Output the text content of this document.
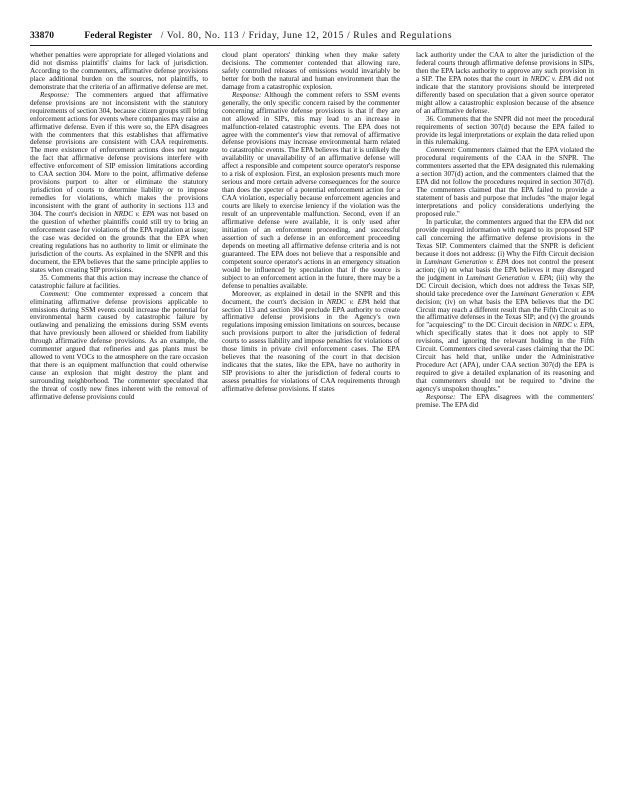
33870	Federal Register / Vol. 80, No. 113 / Friday, June 12, 2015 / Rules and Regulations

whether penalties were appropriate for alleged violations and did not dismiss plaintiffs' claims for lack of jurisdiction. According to the commenters, affirmative defense provisions place additional burden on the sources, not plaintiffs, to demonstrate that the criteria of an affirmative defense are met.

Response: The commenters argued that affirmative defense provisions are not inconsistent with the statutory requirements of section 304, because citizen groups still bring enforcement actions for events where companies may raise an affirmative defense. Even if this were so, the EPA disagrees with the commenters that this establishes that affirmative defense provisions are consistent with CAA requirements. The mere existence of enforcement actions does not negate the fact that affirmative defense provisions interfere with effective enforcement of SIP emission limitations according to CAA section 304. More to the point, affirmative defense provisions purport to alter or eliminate the statutory jurisdiction of courts to determine liability or to impose remedies for violations, which makes the provisions inconsistent with the grant of authority in sections 113 and 304. The court's decision in NRDC v. EPA was not based on the question of whether plaintiffs could still try to bring an enforcement case for violations of the EPA regulation at issue; the case was decided on the grounds that the EPA when creating regulations has no authority to limit or eliminate the jurisdiction of the courts. As explained in the SNPR and this document, the EPA believes that the same principle applies to states when creating SIP provisions.

35. Comments that this action may increase the chance of catastrophic failure at facilities.

Comment: One commenter expressed a concern that eliminating affirmative defense provisions applicable to emissions during SSM events could increase the potential for environmental harm caused by catastrophic failure by outlawing and penalizing the emissions during SSM events that have previously been allowed or shielded from liability through affirmative defense provisions. As an example, the commenter argued that refineries and gas plants must be allowed to vent VOCs to the atmosphere on the rare occasion that there is an equipment malfunction that could otherwise cause an explosion that might destroy the plant and surrounding neighborhood. The commenter speculated that the threat of costly new fines inherent with the removal of affirmative defense provisions could

cloud plant operators' thinking when they make safety decisions. The commenter contended that allowing rare, safely controlled releases of emissions would invariably be better for both the natural and human environment than the damage from a catastrophic explosion.

Response: Although the comment refers to SSM events generally, the only specific concern raised by the commenter concerning affirmative defense provisions is that if they are not allowed in SIPs, this may lead to an increase in malfunction-related catastrophic events. The EPA does not agree with the commenter's view that removal of affirmative defense provisions may increase environmental harm related to catastrophic events. The EPA believes that it is unlikely the availability or unavailability of an affirmative defense will affect a responsible and competent source operator's response to a risk of explosion. First, an explosion presents much more serious and more certain adverse consequences for the source than does the specter of a potential enforcement action for a CAA violation, especially because enforcement agencies and courts are likely to exercise leniency if the violation was the result of an unpreventable malfunction. Second, even if an affirmative defense were available, it is only used after initiation of an enforcement proceeding, and successful assertion of such a defense in an enforcement proceeding depends on meeting all affirmative defense criteria and is not guaranteed. The EPA does not believe that a responsible and competent source operator's actions in an emergency situation would be influenced by speculation that if the source is subject to an enforcement action in the future, there may be a defense to penalties available.

Moreover, as explained in detail in the SNPR and this document, the court's decision in NRDC v. EPA held that section 113 and section 304 preclude EPA authority to create affirmative defense provisions in the Agency's own regulations imposing emission limitations on sources, because such provisions purport to alter the jurisdiction of federal courts to assess liability and impose penalties for violations of those limits in private civil enforcement cases. The EPA believes that the reasoning of the court in that decision indicates that the states, like the EPA, have no authority in SIP provisions to alter the jurisdiction of federal courts to assess penalties for violations of CAA requirements through affirmative defense provisions. If states

lack authority under the CAA to alter the jurisdiction of the federal courts through affirmative defense provisions in SIPs, then the EPA lacks authority to approve any such provision in a SIP. The EPA notes that the court in NRDC v. EPA did not indicate that the statutory provisions should be interpreted differently based on speculation that a given source operator might allow a catastrophic explosion because of the absence of an affirmative defense.

36. Comments that the SNPR did not meet the procedural requirements of section 307(d) because the EPA failed to provide its legal interpretations or explain the data relied upon in this rulemaking.

Comment: Commenters claimed that the EPA violated the procedural requirements of the CAA in the SNPR. The commenters asserted that the EPA designated this rulemaking a section 307(d) action, and the commenters claimed that the EPA did not follow the procedures required in section 307(d). The commenters claimed that the EPA failed to provide a statement of basis and purpose that includes "the major legal interpretations and policy considerations underlying the proposed rule."

In particular, the commenters argued that the EPA did not provide required information with regard to its proposed SIP call concerning the affirmative defense provisions in the Texas SIP. Commenters claimed that the SNPR is deficient because it does not address: (i) Why the Fifth Circuit decision in Luminant Generation v. EPA does not control the present action; (ii) on what basis the EPA believes it may disregard the judgment in Luminant Generation v. EPA; (iii) why the DC Circuit decision, which does not address the Texas SIP, should take precedence over the Luminant Generation v. EPA decision; (iv) on what basis the EPA believes that the DC Circuit may reach a different result than the Fifth Circuit as to the affirmative defenses in the Texas SIP; and (v) the grounds for "acquiescing" to the DC Circuit decision in NRDC v. EPA, which specifically states that it does not apply to SIP revisions, and ignoring the relevant holding in the Fifth Circuit. Commenters cited several cases claiming that the DC Circuit has held that, unlike under the Administrative Procedure Act (APA), under CAA section 307(d) the EPA is required to give a detailed explanation of its reasoning and that commenters should not be required to "divine the agency's unspoken thoughts."

Response: The EPA disagrees with the commenters' premise. The EPA did
